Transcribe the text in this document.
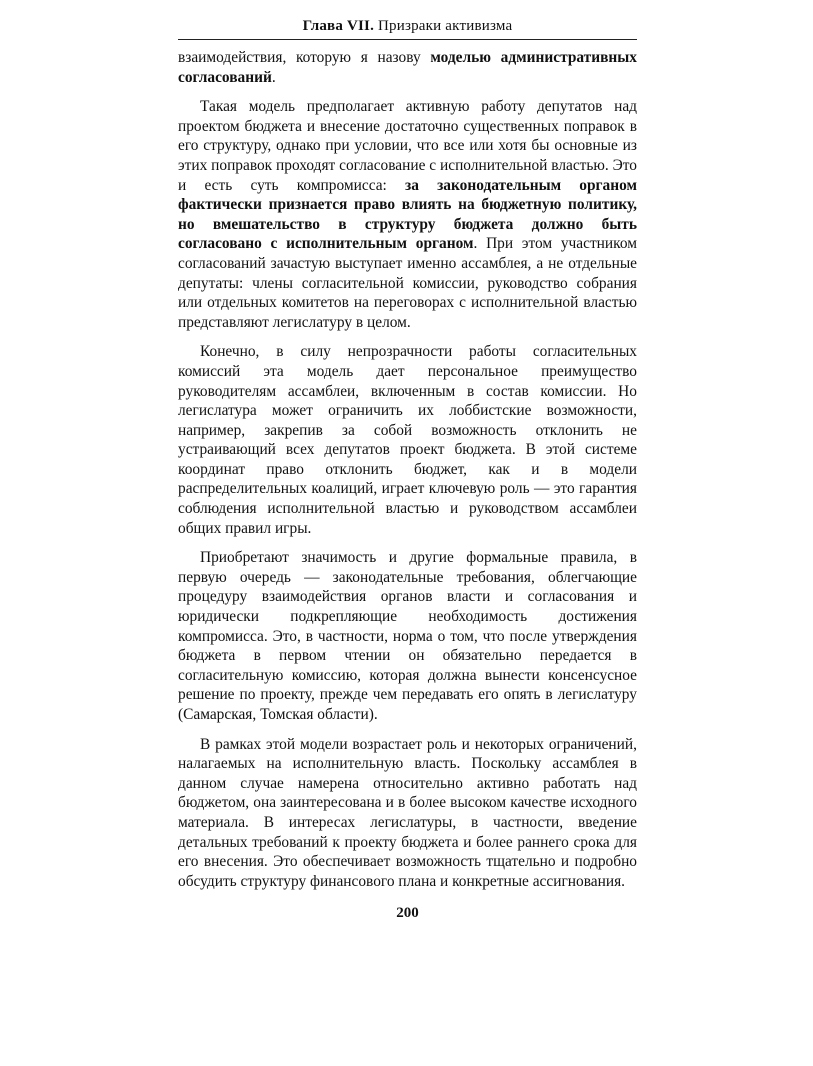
Глава VII. Призраки активизма

взаимодействия, которую я назову моделью административных согласований.

Такая модель предполагает активную работу депутатов над проектом бюджета и внесение достаточно существенных поправок в его структуру, однако при условии, что все или хотя бы основные из этих поправок проходят согласование с исполнительной властью. Это и есть суть компромисса: за законодательным органом фактически признается право влиять на бюджетную политику, но вмешательство в структуру бюджета должно быть согласовано с исполнительным органом. При этом участником согласований зачастую выступает именно ассамблея, а не отдельные депутаты: члены согласительной комиссии, руководство собрания или отдельных комитетов на переговорах с исполнительной властью представляют легислатуру в целом.

Конечно, в силу непрозрачности работы согласительных комиссий эта модель дает персональное преимущество руководителям ассамблеи, включенным в состав комиссии. Но легислатура может ограничить их лоббистские возможности, например, закрепив за собой возможность отклонить не устраивающий всех депутатов проект бюджета. В этой системе координат право отклонить бюджет, как и в модели распределительных коалиций, играет ключевую роль — это гарантия соблюдения исполнительной властью и руководством ассамблеи общих правил игры.

Приобретают значимость и другие формальные правила, в первую очередь — законодательные требования, облегчающие процедуру взаимодействия органов власти и согласования и юридически подкрепляющие необходимость достижения компромисса. Это, в частности, норма о том, что после утверждения бюджета в первом чтении он обязательно передается в согласительную комиссию, которая должна вынести консенсусное решение по проекту, прежде чем передавать его опять в легислатуру (Самарская, Томская области).

В рамках этой модели возрастает роль и некоторых ограничений, налагаемых на исполнительную власть. Поскольку ассамблея в данном случае намерена относительно активно работать над бюджетом, она заинтересована и в более высоком качестве исходного материала. В интересах легислатуры, в частности, введение детальных требований к проекту бюджета и более раннего срока для его внесения. Это обеспечивает возможность тщательно и подробно обсудить структуру финансового плана и конкретные ассигнования.

200
